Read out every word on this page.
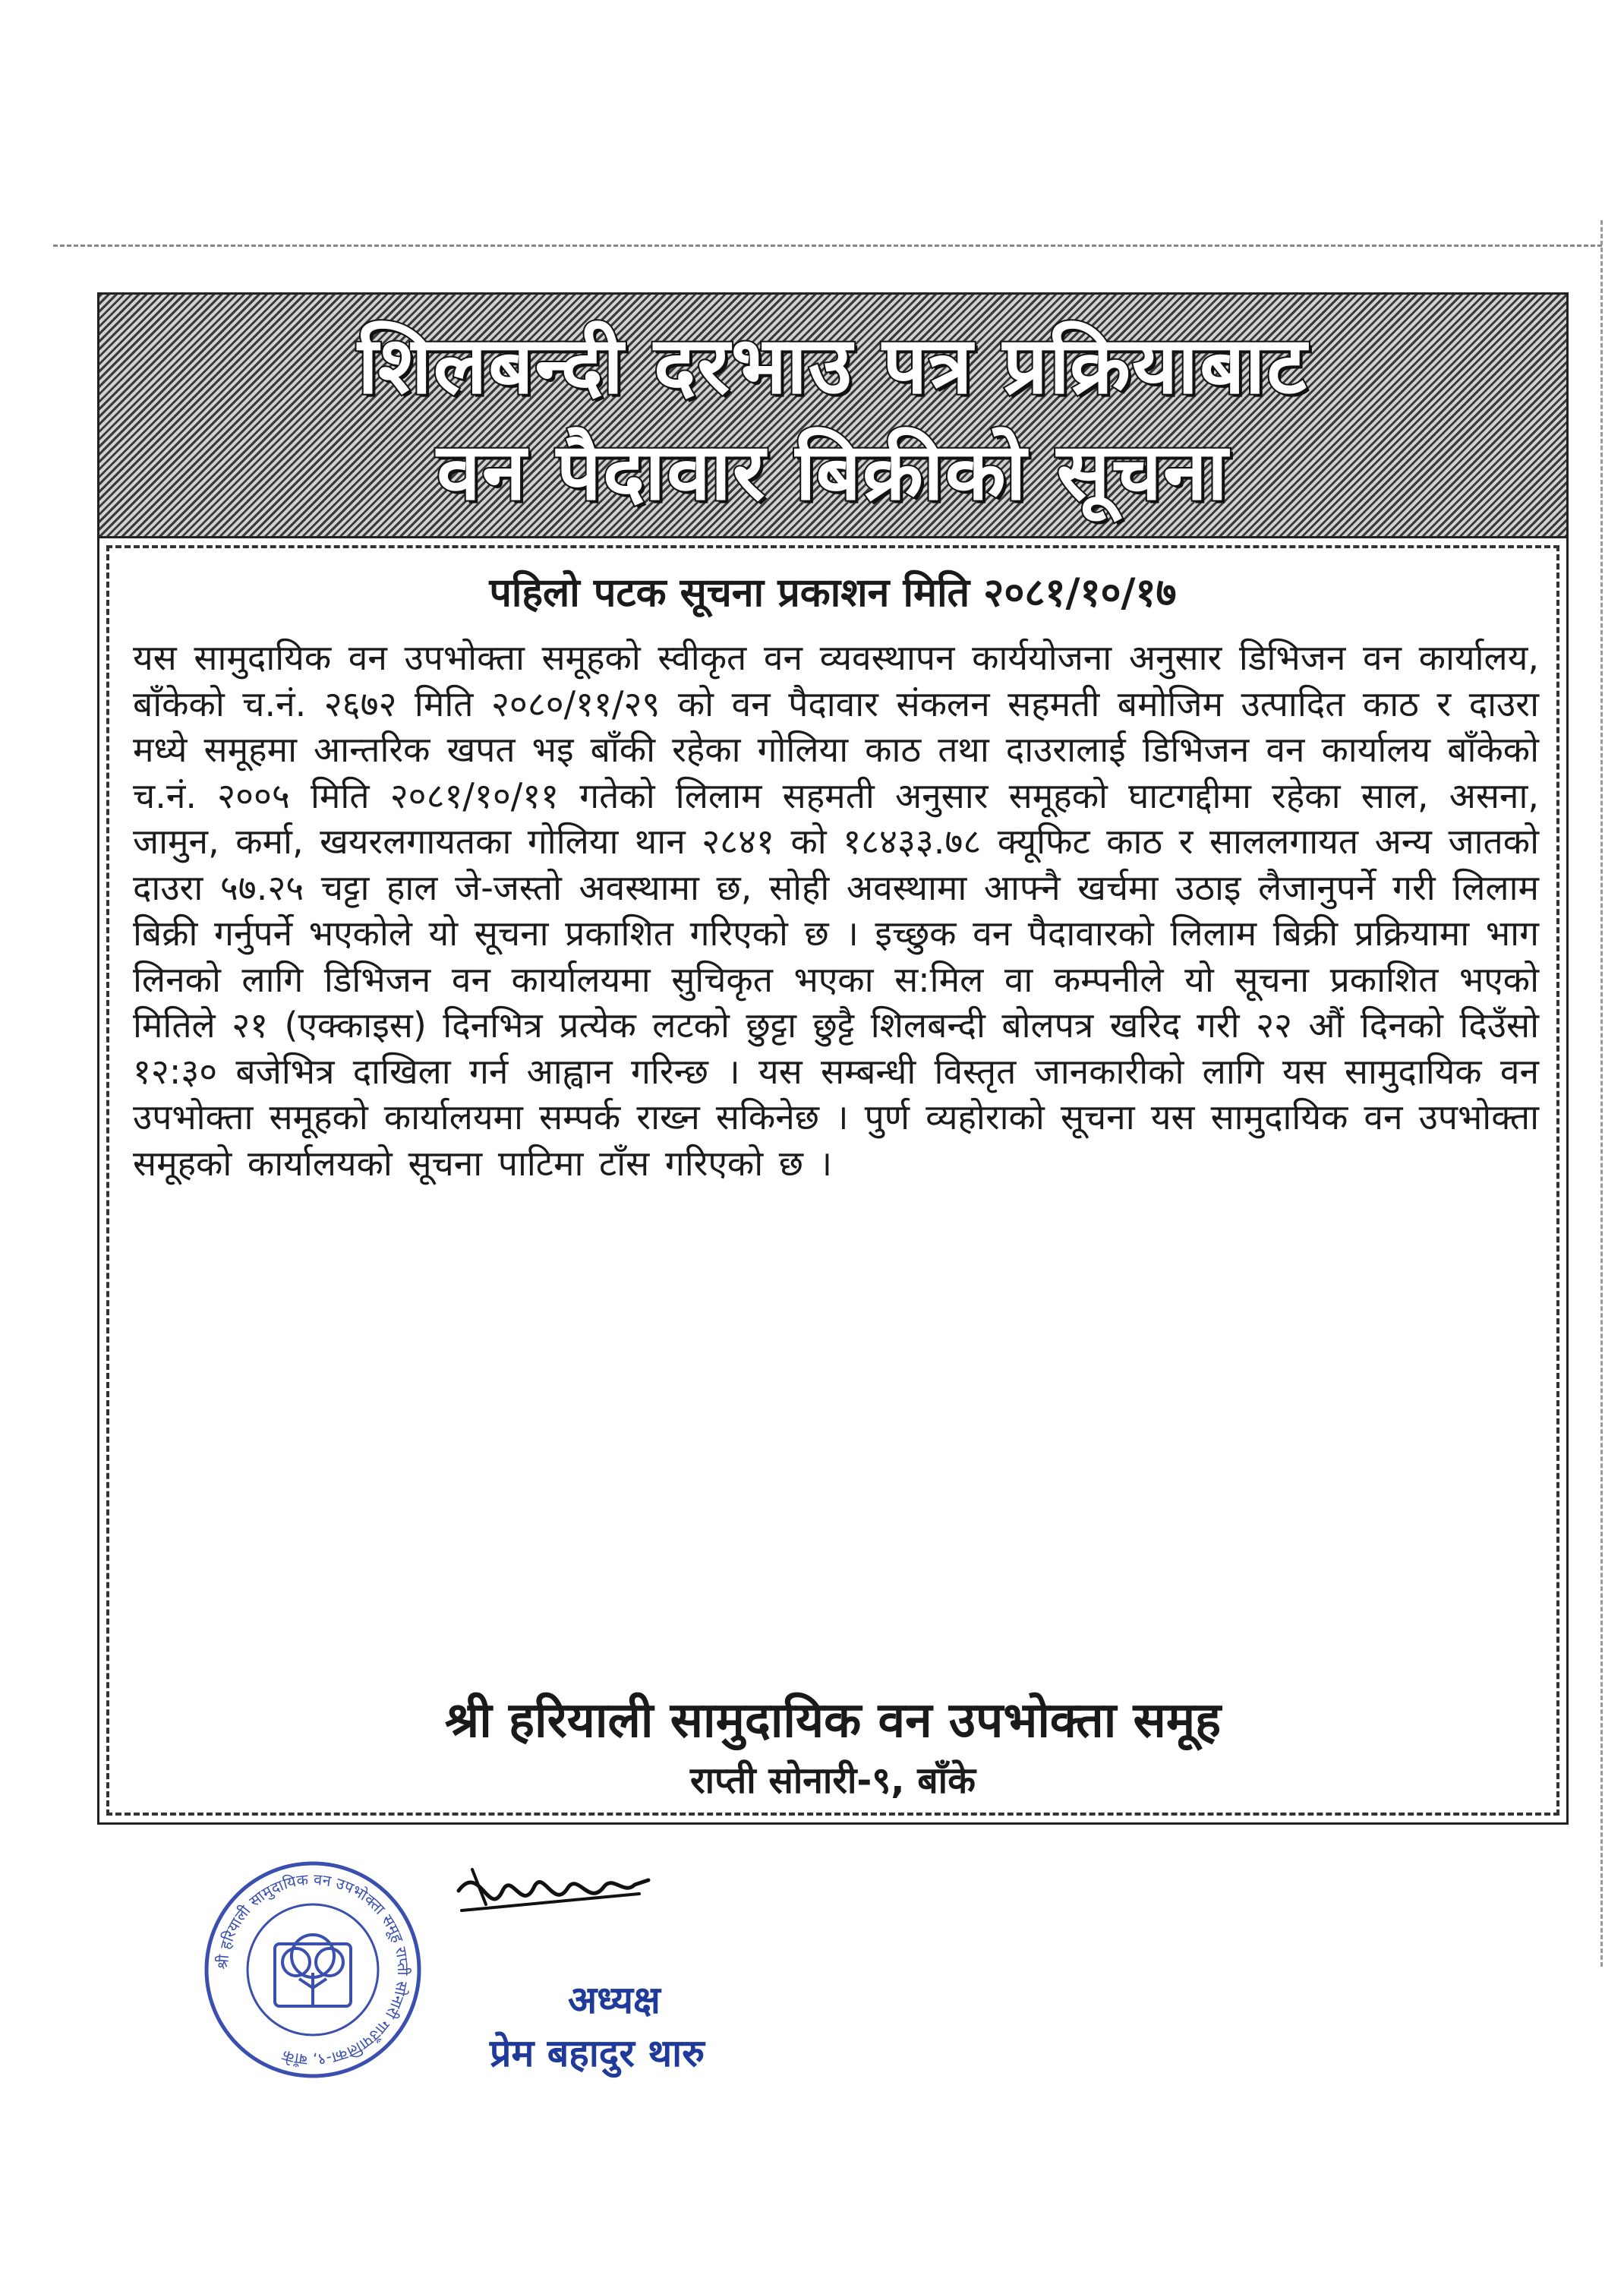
शिलबन्दी दरभाउ पत्र प्रक्रियाबाट
वन पैदावार बिक्रीको सूचना
पहिलो पटक सूचना प्रकाशन मिति २०८१/१०/१७
यस सामुदायिक वन उपभोक्ता समूहको स्वीकृत वन व्यवस्थापन कार्ययोजना अनुसार डिभिजन वन कार्यालय, बाँकेको च.नं. २६७२ मिति २०८०/११/२९ को वन पैदावार संकलन सहमती बमोजिम उत्पादित काठ र दाउरा मध्ये समूहमा आन्तरिक खपत भइ बाँकी रहेका गोलिया काठ तथा दाउरालाई डिभिजन वन कार्यालय बाँकेको च.नं. २००५ मिति २०८१/१०/११ गतेको लिलाम सहमती अनुसार समूहको घाटगद्दीमा रहेका साल, असना, जामुन, कर्मा, खयरलगायतका गोलिया थान २८४१ को १८४३३.७८ क्यूफिट काठ र साललगायत अन्य जातको दाउरा ५७.२५ चट्टा हाल जे-जस्तो अवस्थामा छ, सोही अवस्थामा आफ्नै खर्चमा उठाइ लैजानुपर्ने गरी लिलाम बिक्री गर्नुपर्ने भएकोले यो सूचना प्रकाशित गरिएको छ । इच्छुक वन पैदावारको लिलाम बिक्री प्रक्रियामा भाग लिनको लागि डिभिजन वन कार्यालयमा सुचिकृत भएका स:मिल वा कम्पनीले यो सूचना प्रकाशित भएको मितिले २१ (एक्काइस) दिनभित्र प्रत्येक लटको छुट्टा छुट्टै शिलबन्दी बोलपत्र खरिद गरी २२ औं दिनको दिउँसो १२:३० बजेभित्र दाखिला गर्न आह्वान गरिन्छ । यस सम्बन्धी विस्तृत जानकारीको लागि यस सामुदायिक वन उपभोक्ता समूहको कार्यालयमा सम्पर्क राख्न सकिनेछ । पुर्ण व्यहोराको सूचना यस सामुदायिक वन उपभोक्ता समूहको कार्यालयको सूचना पाटिमा टाँस गरिएको छ ।
श्री हरियाली सामुदायिक वन उपभोक्ता समूह
राप्ती सोनारी-९, बाँके
श्री हरियाली सामुदायिक वन उपभोक्ता समूह राप्ती सोनारी गाउँपालिका-९, बाँके
अध्यक्ष
प्रेम बहादुर थारु
